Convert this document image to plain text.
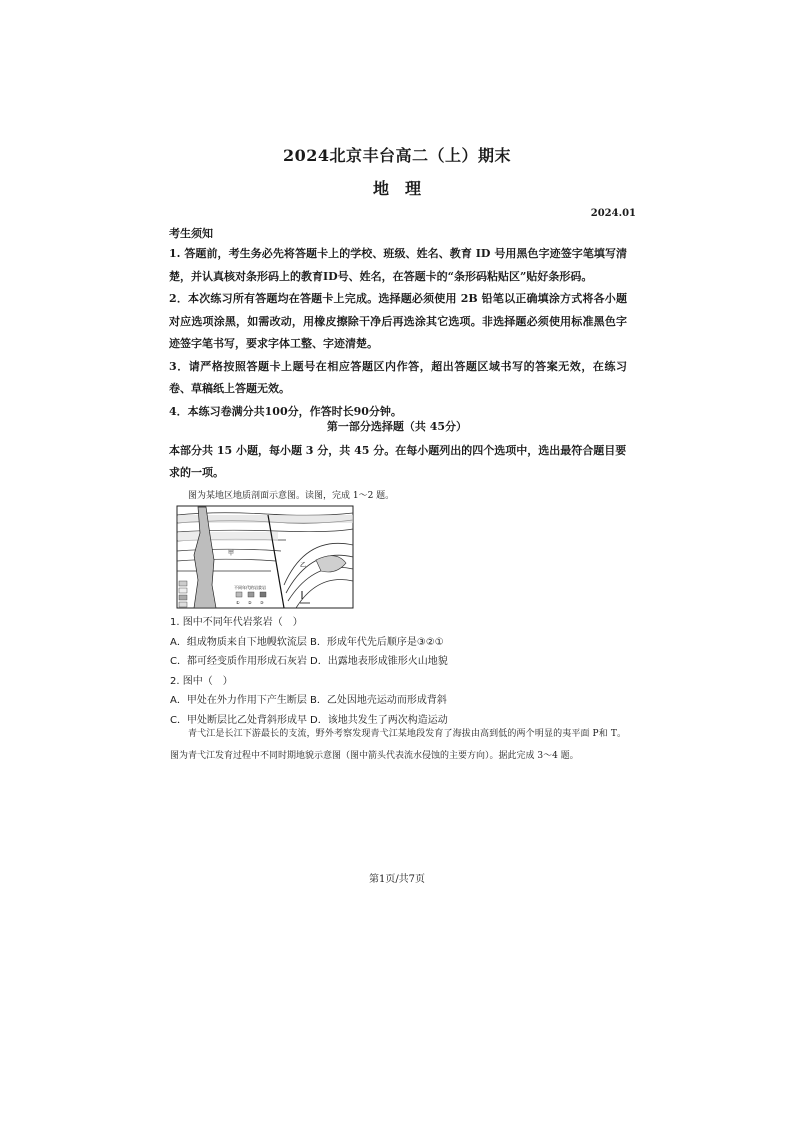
2024北京丰台高二（上）期末
地　理
2024.01
考生须知

1. 答题前，考生务必先将答题卡上的学校、班级、姓名、教育 ID 号用黑色字迹签字笔填写清楚，并认真核对条形码上的教育ID号、姓名，在答题卡的“条形码粘贴区”贴好条形码。

2．本次练习所有答题均在答题卡上完成。选择题必须使用 2B 铅笔以正确填涂方式将各小题对应选项涂黑，如需改动，用橡皮擦除干净后再选涂其它选项。非选择题必须使用标准黑色字迹签字笔书写，要求字体工整、字迹清楚。

3．请严格按照答题卡上题号在相应答题区内作答，超出答题区域书写的答案无效，在练习卷、草稿纸上答题无效。

4．本练习卷满分共100分，作答时长90分钟。

第一部分选择题（共 45分）

本部分共 15 小题，每小题 3 分，共 45 分。在每小题列出的四个选项中，选出最符合题目要求的一项。

图为某地区地质剖面示意图。读图，完成 1～2 题。
甲
乙
不同年代的岩浆岩
① ② ③

1. 图中不同年代岩浆岩（　）

A．组成物质来自下地幔软流层 B．形成年代先后顺序是③②①

C．都可经变质作用形成石灰岩 D．出露地表形成锥形火山地貌

2. 图中（　）

A．甲处在外力作用下产生断层 B．乙处因地壳运动而形成背斜

C．甲处断层比乙处背斜形成早 D．该地共发生了两次构造运动

青弋江是长江下游最长的支流，野外考察发现青弋江某地段发育了海拔由高到低的两个明显的夷平面 P和 T。图为青弋江发育过程中不同时期地貌示意图（图中箭头代表流水侵蚀的主要方向）。据此完成 3～4 题。

第1页/共7页
